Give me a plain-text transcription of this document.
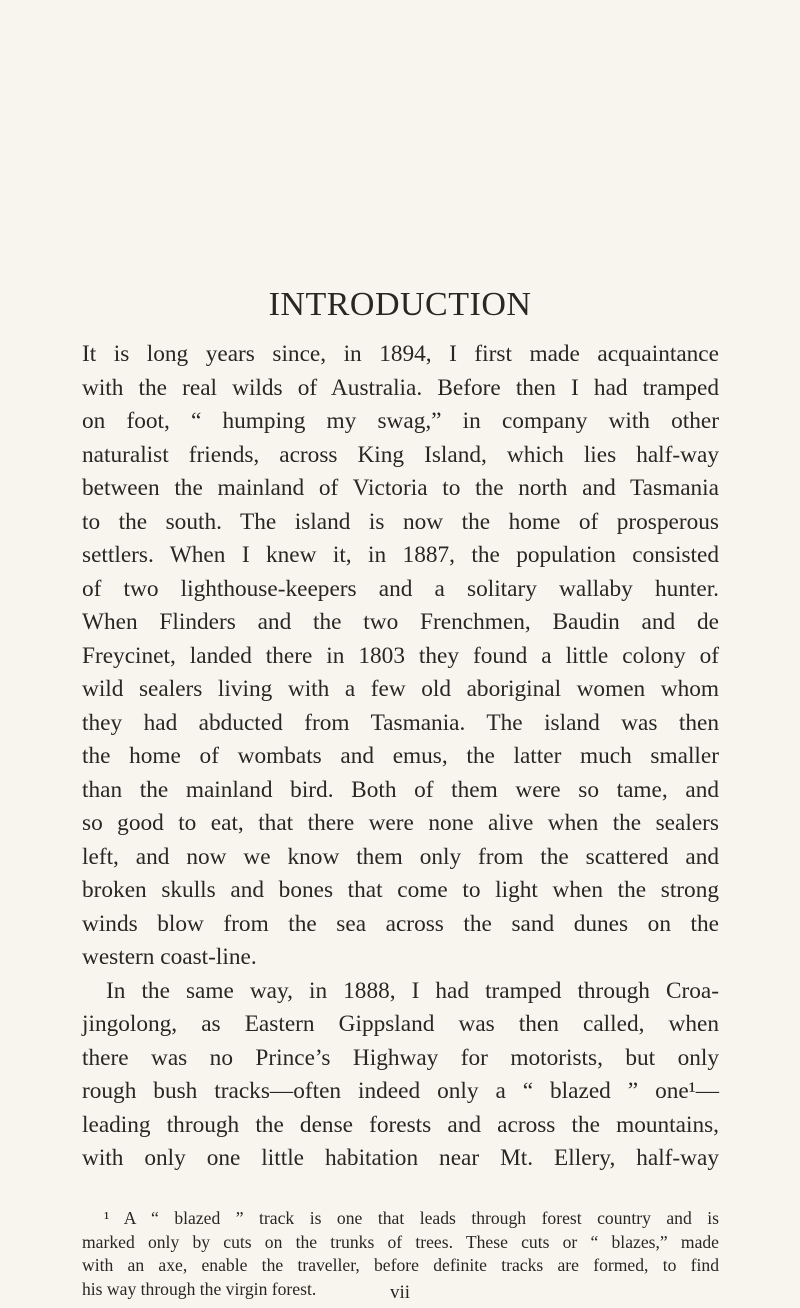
INTRODUCTION
It is long years since, in 1894, I first made acquaintance
with the real wilds of Australia. Before then I had tramped
on foot, “ humping my swag,” in company with other
naturalist friends, across King Island, which lies half-way
between the mainland of Victoria to the north and Tasmania
to the south. The island is now the home of prosperous
settlers. When I knew it, in 1887, the population consisted
of two lighthouse-keepers and a solitary wallaby hunter.
When Flinders and the two Frenchmen, Baudin and de
Freycinet, landed there in 1803 they found a little colony of
wild sealers living with a few old aboriginal women whom
they had abducted from Tasmania. The island was then
the home of wombats and emus, the latter much smaller
than the mainland bird. Both of them were so tame, and
so good to eat, that there were none alive when the sealers
left, and now we know them only from the scattered and
broken skulls and bones that come to light when the strong
winds blow from the sea across the sand dunes on the
western coast-line.
In the same way, in 1888, I had tramped through Croa-
jingolong, as Eastern Gippsland was then called, when
there was no Prince’s Highway for motorists, but only
rough bush tracks—often indeed only a “ blazed ” one¹—
leading through the dense forests and across the mountains,
with only one little habitation near Mt. Ellery, half-way
¹ A “ blazed ” track is one that leads through forest country and is
marked only by cuts on the trunks of trees. These cuts or “ blazes,” made
with an axe, enable the traveller, before definite tracks are formed, to find
his way through the virgin forest.	vii
